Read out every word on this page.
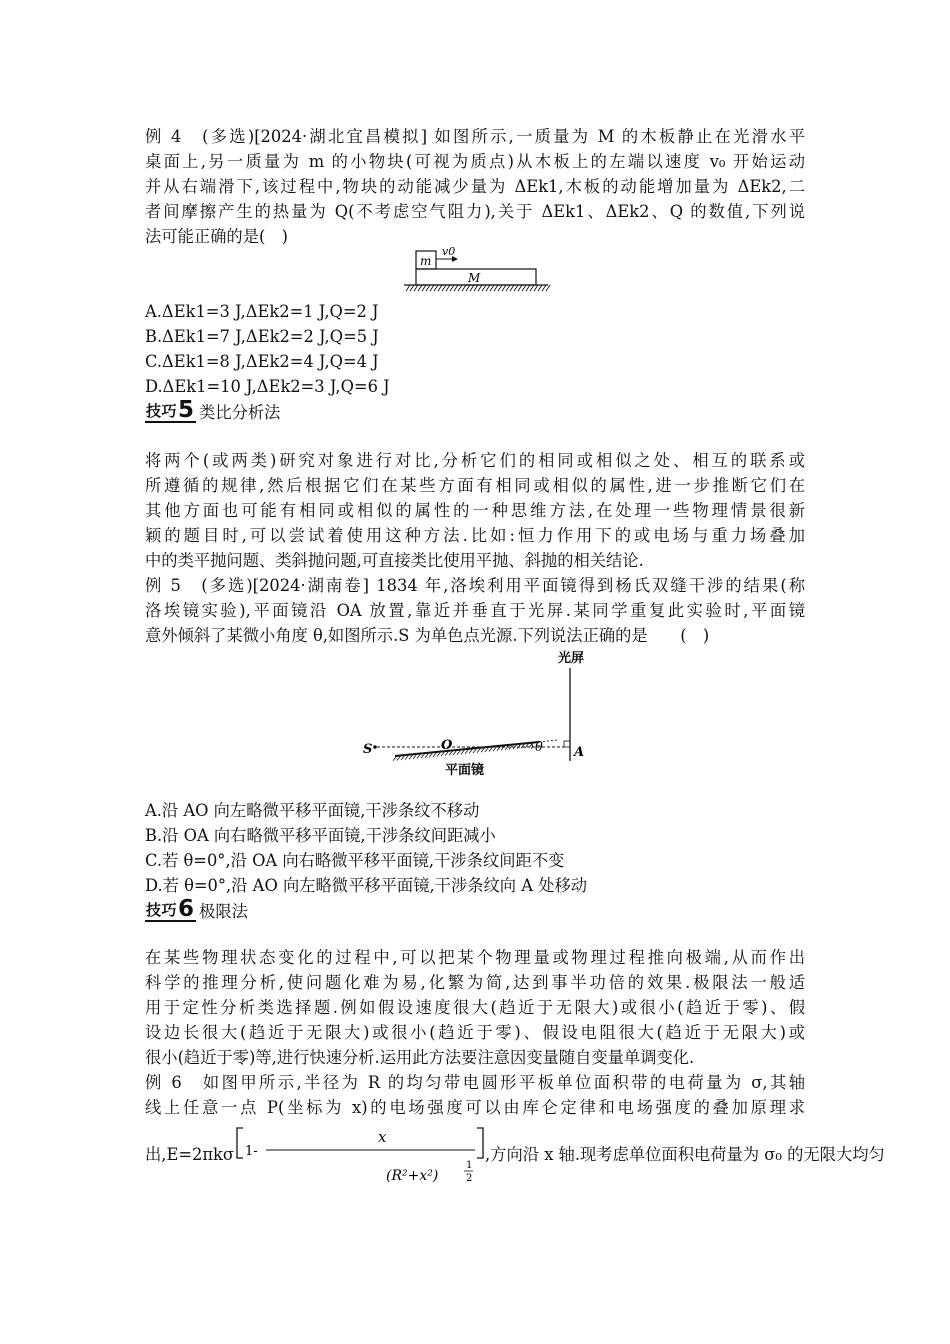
例 4　(多选)[2024·湖北宜昌模拟] 如图所示,一质量为 M 的木板静止在光滑水平
桌面上,另一质量为 m 的小物块(可视为质点)从木板上的左端以速度 v₀ 开始运动
并从右端滑下,该过程中,物块的动能减少量为 ΔEk1,木板的动能增加量为 ΔEk2,二
者间摩擦产生的热量为 Q(不考虑空气阻力),关于 ΔEk1、ΔEk2、Q 的数值,下列说
法可能正确的是(　)
m
M
v0
A.ΔEk1=3 J,ΔEk2=1 J,Q=2 J
B.ΔEk1=7 J,ΔEk2=2 J,Q=5 J
C.ΔEk1=8 J,ΔEk2=4 J,Q=4 J
D.ΔEk1=10 J,ΔEk2=3 J,Q=6 J
技巧 5 类比分析法
将两个(或两类)研究对象进行对比,分析它们的相同或相似之处、相互的联系或
所遵循的规律,然后根据它们在某些方面有相同或相似的属性,进一步推断它们在
其他方面也可能有相同或相似的属性的一种思维方法,在处理一些物理情景很新
颖的题目时,可以尝试着使用这种方法.比如:恒力作用下的或电场与重力场叠加
中的类平抛问题、类斜抛问题,可直接类比使用平抛、斜抛的相关结论.
例 5　(多选)[2024·湖南卷] 1834 年,洛埃利用平面镜得到杨氏双缝干涉的结果(称
洛埃镜实验),平面镜沿 OA 放置,靠近并垂直于光屏.某同学重复此实验时,平面镜
意外倾斜了某微小角度 θ,如图所示.S 为单色点光源.下列说法正确的是　　(　)
光屏
S	O	θ A
平面镜
A.沿 AO 向左略微平移平面镜,干涉条纹不移动
B.沿 OA 向右略微平移平面镜,干涉条纹间距减小
C.若 θ=0°,沿 OA 向右略微平移平面镜,干涉条纹间距不变
D.若 θ=0°,沿 AO 向左略微平移平面镜,干涉条纹向 A 处移动
技巧 6 极限法
在某些物理状态变化的过程中,可以把某个物理量或物理过程推向极端,从而作出
科学的推理分析,使问题化难为易,化繁为简,达到事半功倍的效果.极限法一般适
用于定性分析类选择题.例如假设速度很大(趋近于无限大)或很小(趋近于零)、假
设边长很大(趋近于无限大)或很小(趋近于零)、假设电阻很大(趋近于无限大)或
很小(趋近于零)等,进行快速分析.运用此方法要注意因变量随自变量单调变化.
例 6　如图甲所示,半径为 R 的均匀带电圆形平板单位面积带的电荷量为 σ,其轴
线上任意一点 P(坐标为 x)的电场强度可以由库仑定律和电场强度的叠加原理求
出,E=2πkσ 1-
x
(R²+x²)
1
2
,方向沿 x 轴.现考虑单位面积电荷量为 σ₀ 的无限大均匀
